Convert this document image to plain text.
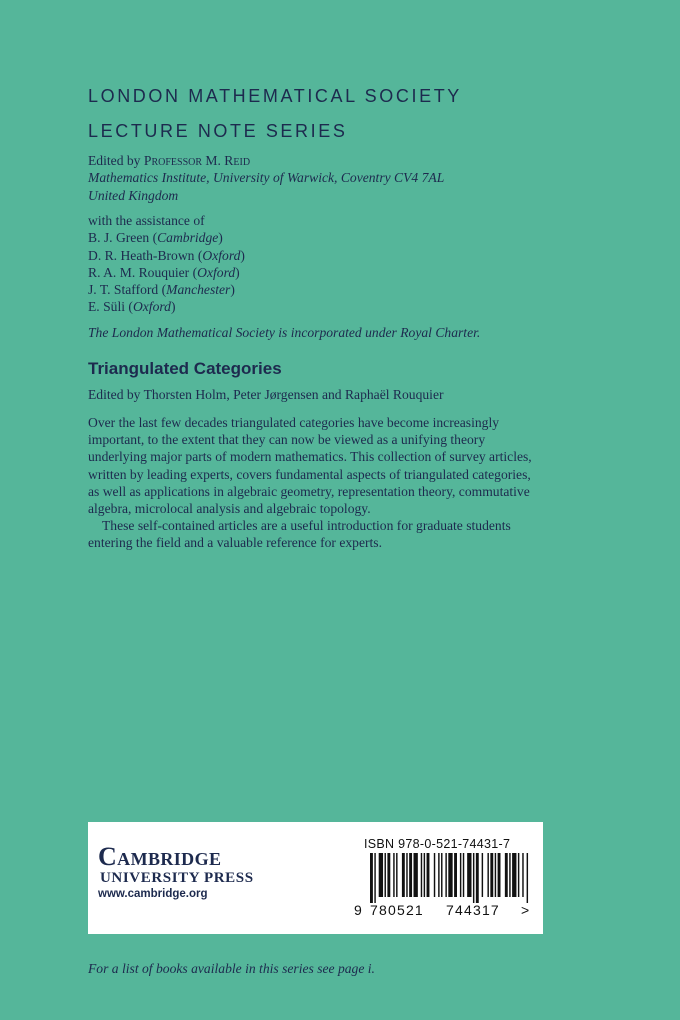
LONDON MATHEMATICAL SOCIETY
LECTURE NOTE SERIES
Edited by Professor M. Reid
Mathematics Institute, University of Warwick, Coventry CV4 7AL
United Kingdom
with the assistance of
B. J. Green (Cambridge)
D. R. Heath-Brown (Oxford)
R. A. M. Rouquier (Oxford)
J. T. Stafford (Manchester)
E. Süli (Oxford)
The London Mathematical Society is incorporated under Royal Charter.
Triangulated Categories
Edited by Thorsten Holm, Peter Jørgensen and Raphaël Rouquier

Over the last few decades triangulated categories have become increasingly important, to the extent that they can now be viewed as a unifying theory underlying major parts of modern mathematics. This collection of survey articles, written by leading experts, covers fundamental aspects of triangulated categories, as well as applications in algebraic geometry, representation theory, commutative algebra, microlocal analysis and algebraic topology.

These self-contained articles are a useful introduction for graduate students entering the field and a valuable reference for experts.

Cambridge
UNIVERSITY PRESS
www.cambridge.org
ISBN 978-0-521-74431-7
9 780521 744317 >
For a list of books available in this series see page i.
